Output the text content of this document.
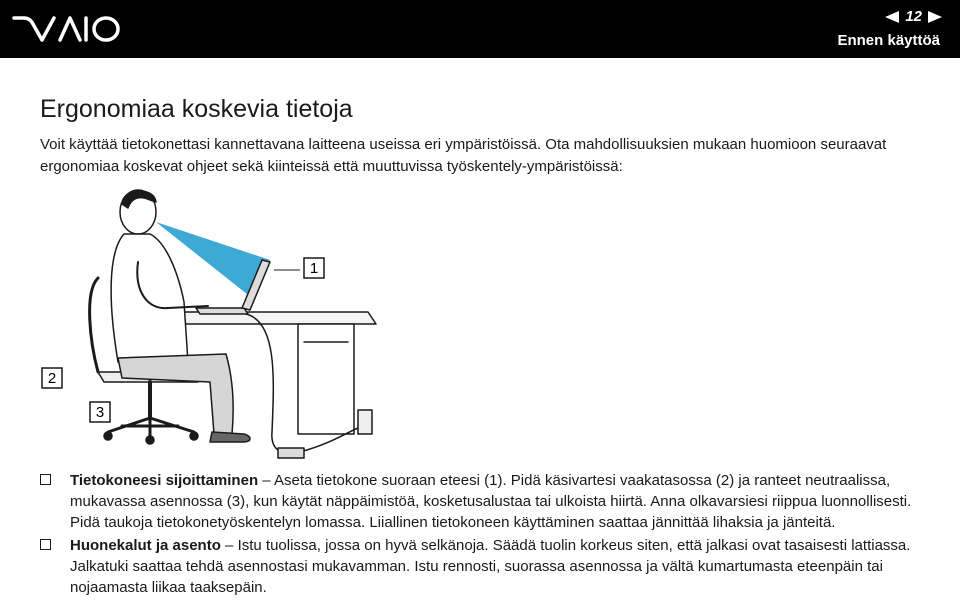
12
Ennen käyttöä
Ergonomiaa koskevia tietoja

Voit käyttää tietokonettasi kannettavana laitteena useissa eri ympäristöissä. Ota mahdollisuuksien mukaan huomioon seuraavat ergonomiaa koskevat ohjeet sekä kiinteissä että muuttuvissa työskentely-ympäristöissä:

1
2
3

Tietokoneesi sijoittaminen – Aseta tietokone suoraan eteesi (1). Pidä käsivartesi vaakatasossa (2) ja ranteet neutraalissa, mukavassa asennossa (3), kun käytät näppäimistöä, kosketusalustaa tai ulkoista hiirtä. Anna olkavarsiesi riippua luonnollisesti. Pidä taukoja tietokonetyöskentelyn lomassa. Liiallinen tietokoneen käyttäminen saattaa jännittää lihaksia ja jänteitä.

Huonekalut ja asento – Istu tuolissa, jossa on hyvä selkänoja. Säädä tuolin korkeus siten, että jalkasi ovat tasaisesti lattiassa. Jalkatuki saattaa tehdä asennostasi mukavamman. Istu rennosti, suorassa asennossa ja vältä kumartumasta eteenpäin tai nojaamasta liikaa taaksepäin.
